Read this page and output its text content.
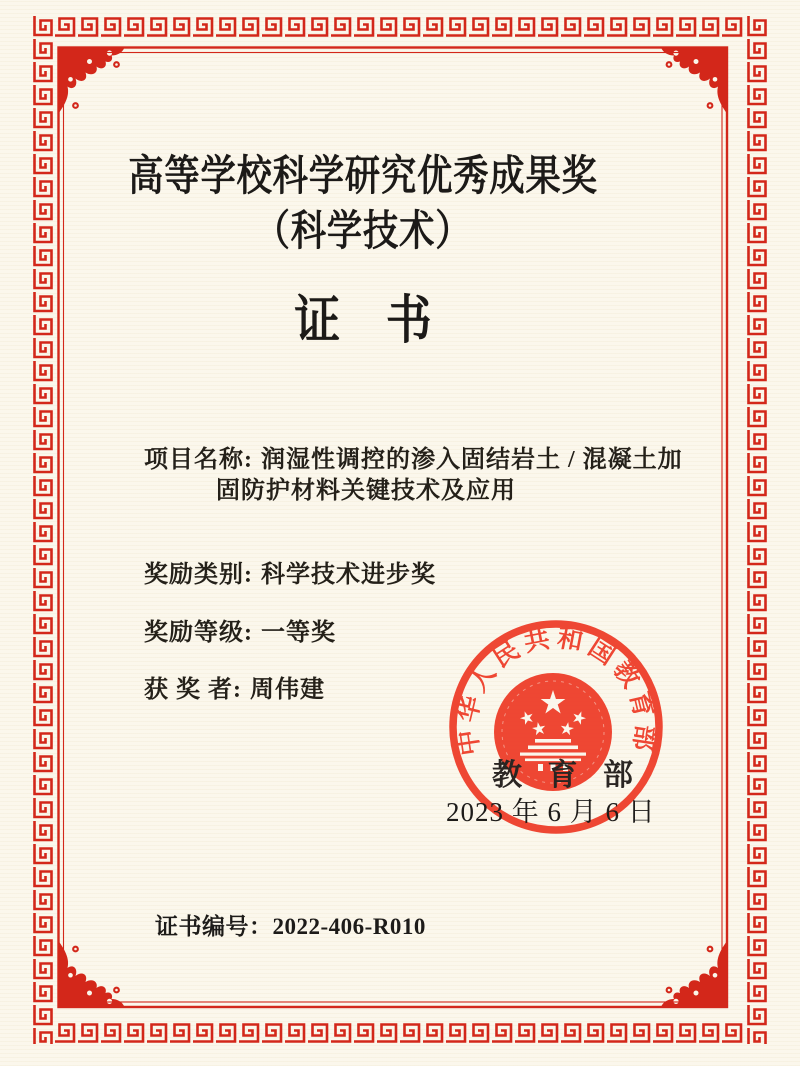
高等学校科学研究优秀成果奖
（科学技术）
证　书

项目名称: 润湿性调控的渗入固结岩土 / 混凝土加

固防护材料关键技术及应用

奖励类别: 科学技术进步奖

奖励等级: 一等奖

获 奖 者: 周伟建

中华人民共和国教育部
教 育 部
2023 年 6 月 6 日

证书编号：2022-406-R010
